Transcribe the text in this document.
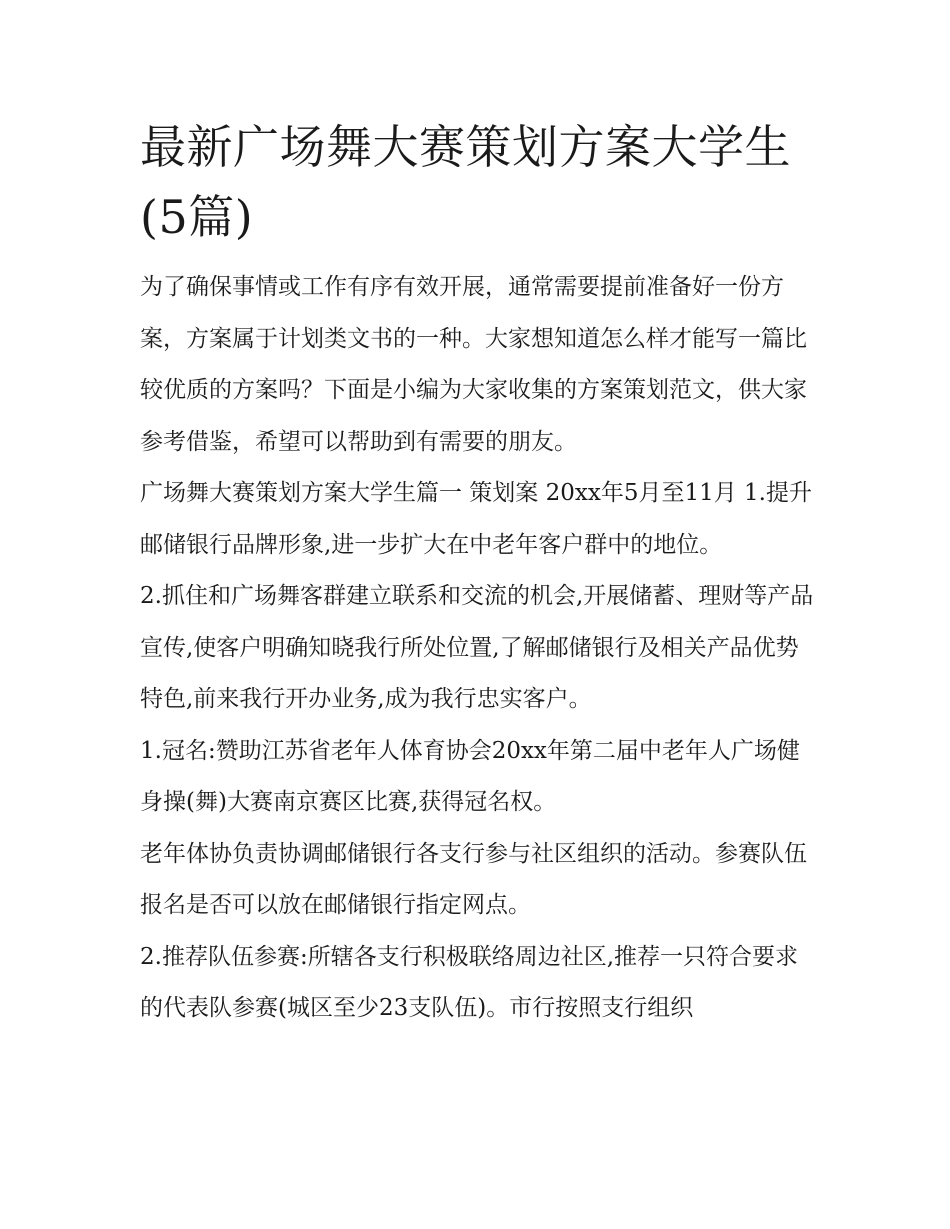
最新广场舞大赛策划方案大学生(5篇)

为了确保事情或工作有序有效开展，通常需要提前准备好一份方案，方案属于计划类文书的一种。大家想知道怎么样才能写一篇比较优质的方案吗？下面是小编为大家收集的方案策划范文，供大家参考借鉴，希望可以帮助到有需要的朋友。

广场舞大赛策划方案大学生篇一 策划案 20xx年5月至11月 1.提升邮储银行品牌形象,进一步扩大在中老年客户群中的地位。

2.抓住和广场舞客群建立联系和交流的机会,开展储蓄、理财等产品宣传,使客户明确知晓我行所处位置,了解邮储银行及相关产品优势特色,前来我行开办业务,成为我行忠实客户。

1.冠名:赞助江苏省老年人体育协会20xx年第二届中老年人广场健身操(舞)大赛南京赛区比赛,获得冠名权。

老年体协负责协调邮储银行各支行参与社区组织的活动。参赛队伍报名是否可以放在邮储银行指定网点。

2.推荐队伍参赛:所辖各支行积极联络周边社区,推荐一只符合要求的代表队参赛(城区至少23支队伍)。市行按照支行组织
